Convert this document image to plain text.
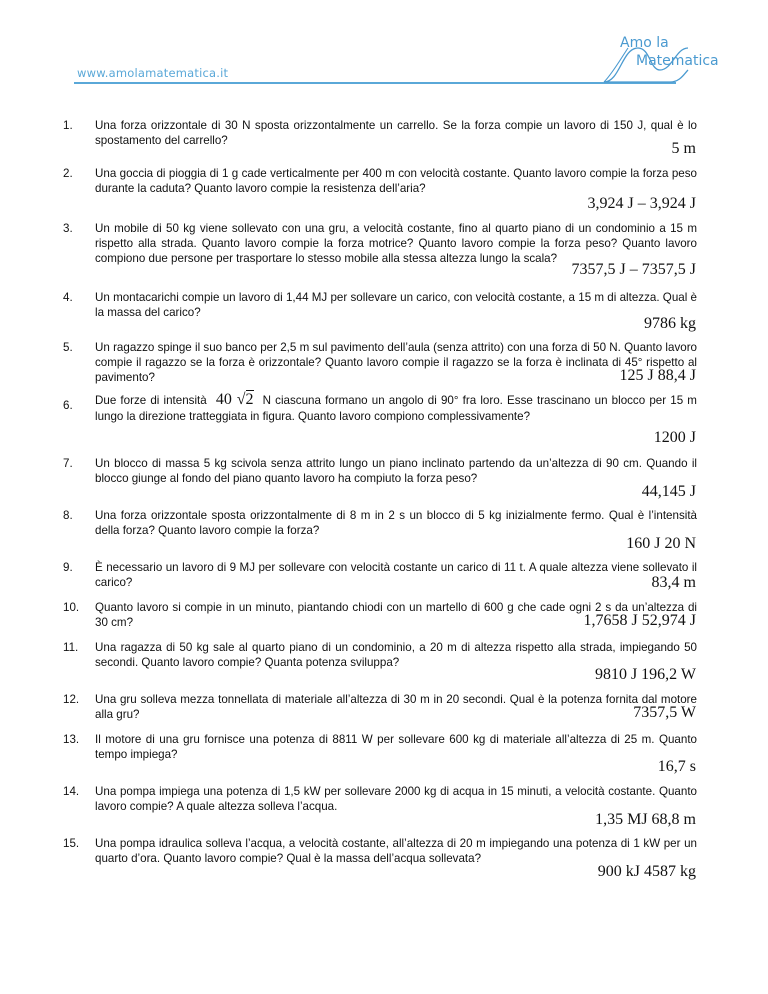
www.amolamatematica.it
Amo la
Matematica
1. Una forza orizzontale di 30 N sposta orizzontalmente un carrello. Se la forza compie un lavoro di 150 J, qual è lo spostamento del carrello?	5 m
2. Una goccia di pioggia di 1 g cade verticalmente per 400 m con velocità costante. Quanto lavoro compie la forza peso durante la caduta? Quanto lavoro compie la resistenza dell’aria?
3,924 J – 3,924 J
3. Un mobile di 50 kg viene sollevato con una gru, a velocità costante, fino al quarto piano di un condominio a 15 m rispetto alla strada. Quanto lavoro compie la forza motrice? Quanto lavoro compie la forza peso? Quanto lavoro compiono due persone per trasportare lo stesso mobile alla stessa altezza lungo la scala?
7357,5 J – 7357,5 J
4. Un montacarichi compie un lavoro di 1,44 MJ per sollevare un carico, con velocità costante, a 15 m di altezza. Qual è la massa del carico?
9786 kg
5. Un ragazzo spinge il suo banco per 2,5 m sul pavimento dell’aula (senza attrito) con una forza di 50 N. Quanto lavoro compie il ragazzo se la forza è orizzontale? Quanto lavoro compie il ragazzo se la forza è inclinata di 45° rispetto al pavimento?	125 J 88,4 J
6. Due forze di intensità 40 √2 N ciascuna formano un angolo di 90° fra loro. Esse trascinano un blocco per 15 m lungo la direzione tratteggiata in figura. Quanto lavoro compiono complessivamente?
1200 J
7. Un blocco di massa 5 kg scivola senza attrito lungo un piano inclinato partendo da un’altezza di 90 cm. Quando il blocco giunge al fondo del piano quanto lavoro ha compiuto la forza peso?
44,145 J
8. Una forza orizzontale sposta orizzontalmente di 8 m in 2 s un blocco di 5 kg inizialmente fermo. Qual è l’intensità della forza? Quanto lavoro compie la forza?
160 J 20 N
9. È necessario un lavoro di 9 MJ per sollevare con velocità costante un carico di 11 t. A quale altezza viene sollevato il carico?	83,4 m
10. Quanto lavoro si compie in un minuto, piantando chiodi con un martello di 600 g che cade ogni 2 s da un’altezza di 30 cm?	1,7658 J 52,974 J
11. Una ragazza di 50 kg sale al quarto piano di un condominio, a 20 m di altezza rispetto alla strada, impiegando 50 secondi. Quanto lavoro compie? Quanta potenza sviluppa?
9810 J 196,2 W
12. Una gru solleva mezza tonnellata di materiale all’altezza di 30 m in 20 secondi. Qual è la potenza fornita dal motore alla gru?	7357,5 W
13. Il motore di una gru fornisce una potenza di 8811 W per sollevare 600 kg di materiale all’altezza di 25 m. Quanto tempo impiega?
16,7 s
14. Una pompa impiega una potenza di 1,5 kW per sollevare 2000 kg di acqua in 15 minuti, a velocità costante. Quanto lavoro compie? A quale altezza solleva l’acqua.
1,35 MJ 68,8 m
15. Una pompa idraulica solleva l’acqua, a velocità costante, all’altezza di 20 m impiegando una potenza di 1 kW per un quarto d’ora. Quanto lavoro compie? Qual è la massa dell’acqua sollevata?
900 kJ 4587 kg
